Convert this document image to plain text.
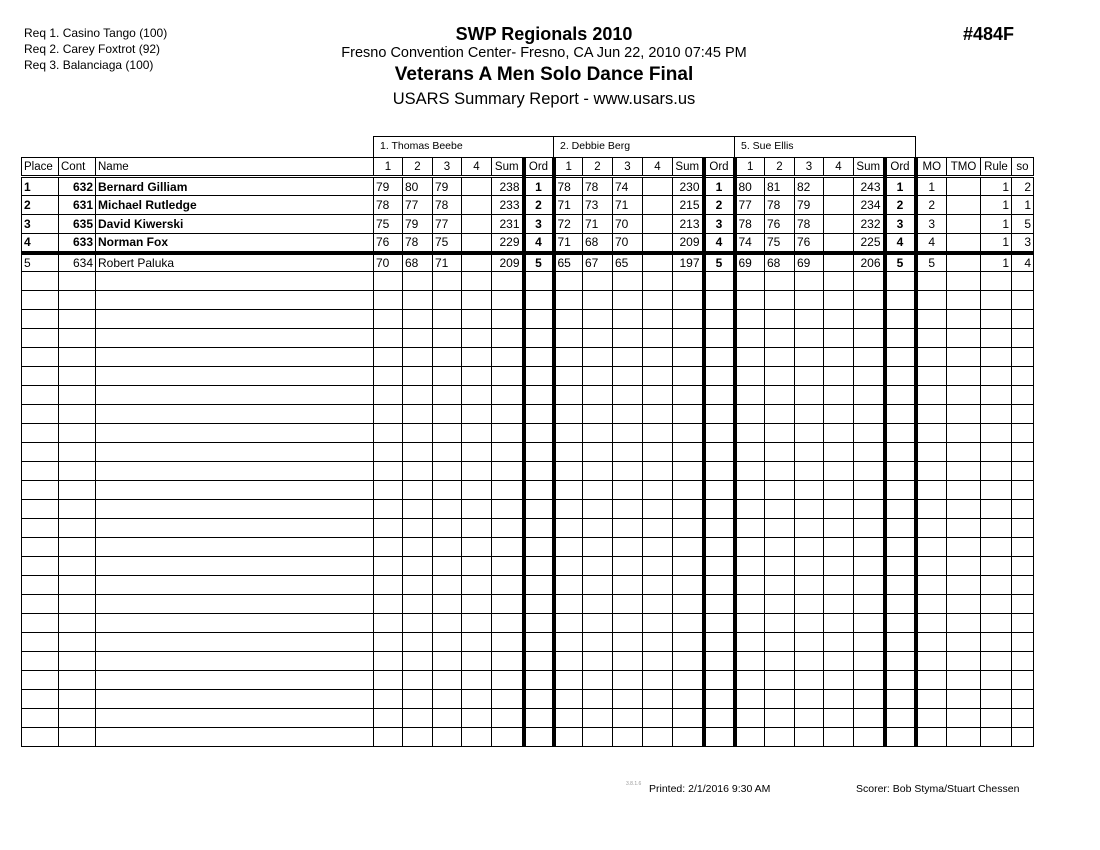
Req 1. Casino Tango (100)
Req 2. Carey Foxtrot (92)
Req 3. Balanciaga (100)
SWP Regionals 2010
Fresno Convention Center- Fresno, CA Jun 22, 2010 07:45 PM
Veterans A Men Solo Dance Final
USARS Summary Report - www.usars.us
#484F
1. Thomas Beebe	2. Debbie Berg	5. Sue Ellis
Place	Cont	Name	1	2	3	4	Sum	Ord	1	2	3	4	Sum	Ord	1	2	3	4	Sum	Ord	MO	TMO	Rule	so
1	632	Bernard Gilliam	79	80	79		238	1	78	78	74		230	1	80	81	82		243	1	1		1	2
2	631	Michael Rutledge	78	77	78		233	2	71	73	71		215	2	77	78	79		234	2	2		1	1
3	635	David Kiwerski	75	79	77		231	3	72	71	70		213	3	78	76	78		232	3	3		1	5
4	633	Norman Fox	76	78	75		229	4	71	68	70		209	4	74	75	76		225	4	4		1	3
5	634	Robert Paluka	70	68	71		209	5	65	67	65		197	5	69	68	69		206	5	5		1	4

3.8.1.6 Printed: 2/1/2016 9:30 AM	Scorer: Bob Styma/Stuart Chessen
